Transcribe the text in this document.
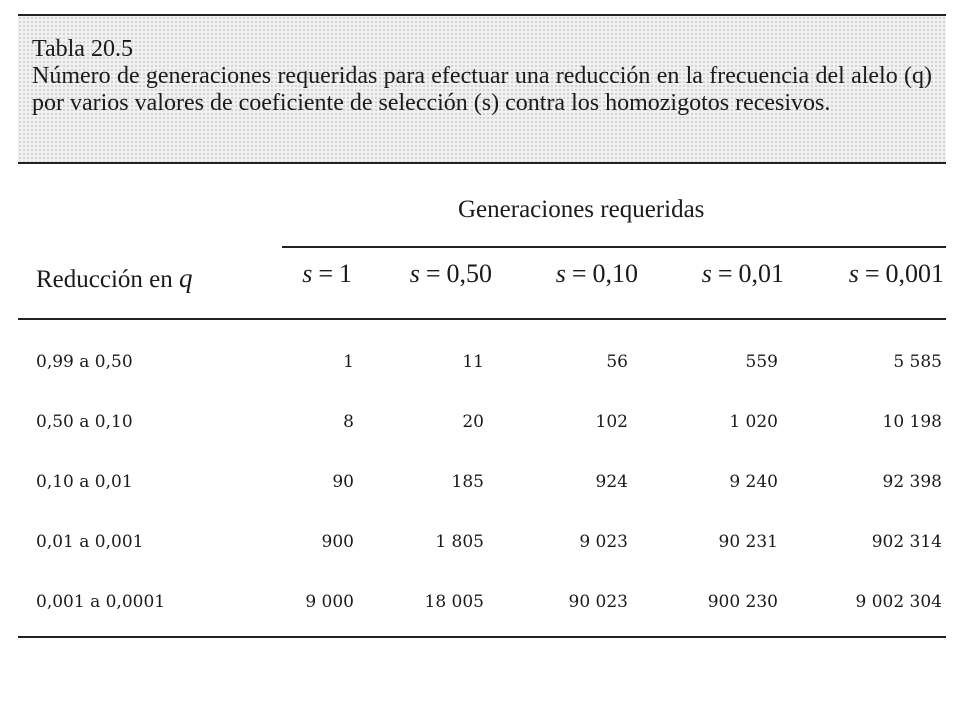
Tabla 20.5
Número de generaciones requeridas para efectuar una reducción en la frecuencia del alelo (q) por varios valores de coeficiente de selección (s) contra los homozigotos recesivos.
Generaciones requeridas
Reducción en q	s = 1 s = 0,50 s = 0,10 s = 0,01 s = 0,001
0,99 a 0,50	1	11	56	559	5 585
0,50 a 0,10	8	20	102	1 020	10 198
0,10 a 0,01	90	185	924	9 240	92 398
0,01 a 0,001	900	1 805	9 023	90 231	902 314
0,001 a 0,0001	9 000	18 005	90 023	900 230	9 002 304
